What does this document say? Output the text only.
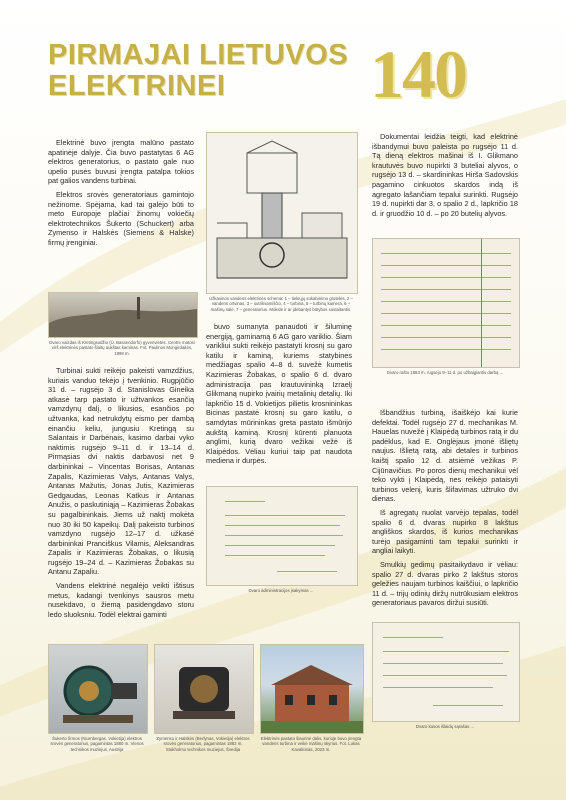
PIRMAJAI LIETUVOS
ELEKTRINEI	140

Elektrinė buvo įrengta malūno pastato apatinėje dalyje. Čia buvo pastatytas 6 AG elektros generatorius, o pastato gale nuo upelio pusės buvusi įrengta patalpa tokios pat galios vandens turbinai.

Elektros srovės generatoriaus gamintojo nežinome. Spėjama, kad tai galėjo būti to meto Europoje plačiai žinomų vokiečių elektrotechnikos Šukerto (Schuckert) arba Zymenso ir Halskės (Siemens & Halske) firmų įrenginiai.

Užkasinos vandens elektrinės schema: 1 – tiekiųjų sukabinimo grotelės, 2 – vandens ortvinas, 3 – sutrikvamiščio, 4 – turbina, 5 – turbinų kamera, 6 – mašinų salė, 7 – generatorius. Moksle ir ar įdebantys būtybos sustaitantis.
Dvaro vaizdas iš Kretingsodžio (Ü. Bassendorfo) gyvenvietės. Centre matosi virš elektrinės pastato šlaitų aukštas kaminas. Fot. Paulinos Mongirdaitės, 1898 m.

Turbinai sukti reikėjo pakeisti vamzdžius, kuriais vanduo tekėjo į tvenkinio. Rugpjūčio 31 d. – rugsėjo 3 d. Stanislovas Gineika atkasė tarp pastato ir užtvankos esančią vamzdynų dalį, o likusios, esančios po užtvanka, kad netrukdytų eismo per dambą einančiu keliu, jungusiu Kretingą su Salantais ir Darbėnais, kasimo darbai vyko naktimis rugsėjo 9–11 d. ir 13–14 d. Pirmąsias dvi naktis darbavosi net 9 darbininkai – Vincentas Borisas, Antanas Zapalis, Kazimieras Valys, Antanas Valys, Antanas Mažutis, Jonas Jutis, Kazimieras Gedgaudas, Leonas Katkus ir Antanas Anužis, o paskutiniąją – Kazimieras Žobakas su pagalbininkais. Jiems už naktį mokėta nuo 30 iki 50 kapeikų. Dalį pakeisto turbinos vamzdyno rugsėjo 12–17 d. užkasė darbininkai Pranciškus Vilamis, Aleksandras Zapalis ir Kazimieras Žobakas, o likusią rugsėjo 19–24 d. – Kazimieras Žobakas su Antanu Zapaliu.

Vandens elektrinė negalėjo veikti ištisus metus, kadangi tvenkinys sausros metu nusekdavo, o žiemą pasidengdavo storu ledo sluoksniu. Todėl elektrai gaminti

buvo sumanyta panaudoti ir šiluminę energiją, gaminamą 6 AG garo variklio. Šiam varikliui sukti reikėjo pastatyti krosnį su garo katilu ir kaminą, kuriems statybines medžiagas spalio 4–8 d. suvežė kumetis Kazimieras Žobakas, o spalio 6 d. dvaro administracija pas krautuvininką Izraelį Glikmaną nupirko įvairių metalinių detalių. Iki lapkričio 15 d. Vokietijos pilietis krosnininkas Bicinas pastatė krosnį su garo katilu, o samdytas mūrininkas greta pastato išmūrijo aukštą kaminą. Krosnį kūrenti planuota anglimi, kurią dvaro vežikai vežė iš Klaipėdos. Vėliau kuriui taip pat naudota mediena ir durpės.

Dvaro administracijos įsakymas ...

Dokumentai leidžia teigti, kad elektrinė išbandymui buvo paleista po rugsėjo 11 d. Tą dieną elektros mašinai iš I. Glikmano krautuvės buvo nupirkti 3 buteliai alyvos, o rugsėjo 13 d. – skardininkas Hirša Sadovskis pagamino cinkuotos skardos indą iš agregato lašančiam tepalui surinkti. Rugsėjo 19 d. nupirkti dar 3, o spalio 2 d., lapkričio 18 d. ir gruodžio 10 d. – po 20 butelių alyvos.

Dvaro rašto 1883 m. rugsėjo 9–11 d. po užbaigiantis darbą ...

Išbandžius turbiną, išaiškėjo kai kurie defektai. Todėl rugsėjo 27 d. mechanikas M. Hauelas nuvežė į Klaipėdą turbinos ratą ir du padėklus, kad E. Onglėjaus įmonė išliętų naujus. Išlietą ratą, abi detales ir turbinos kaištį spalio 12 d. atsiėmė vežikas P. Cijūnavičius. Po poros dienų mechanikui vėl teko vykti į Klaipėdą, nes reikėjo pataisyti turbinos velenį, kuris šlifavimas užtruko dvi dienas.

Iš agregatų nuolat varvėjo tepalas, todėl spalio 6 d. dvaras nupirko 8 lakštus angliškos skardos, iš kurios mechanikas turėjo pasigaminti tam tepalui surinkti ir angliai laikyti.

Smulkių gedimų pasitaikydavo ir vėliau: spalio 27 d. dvaras pirko 2 lakštus storos geležies naujam turbinos kaiščiui, o lapkričio 11 d. – trijų odinių diržų nutrūkusiam elektros generatoriaus pavaros diržui susiūti.

Dvaro kasos išlaidų sąrašas ...
Šukerto firmos (Niurnbergas, Vokietija) elektros srovės generatorius, pagamintas 1880 m. Vienos technikos muziejus, Austrija
Zymenso ir Halskės (Berlynas, Vokietija) elektros srovės generatorius, pagamintas 1882 m. Stokholmo technikos muziejus, Švedija
Elektrinės pastato šiaurinė dalis, kurioje buvo įrengta vandens turbina ir veikė mašinų skyrius. Fot. Lukas Kavaliūnas, 2023 m.
